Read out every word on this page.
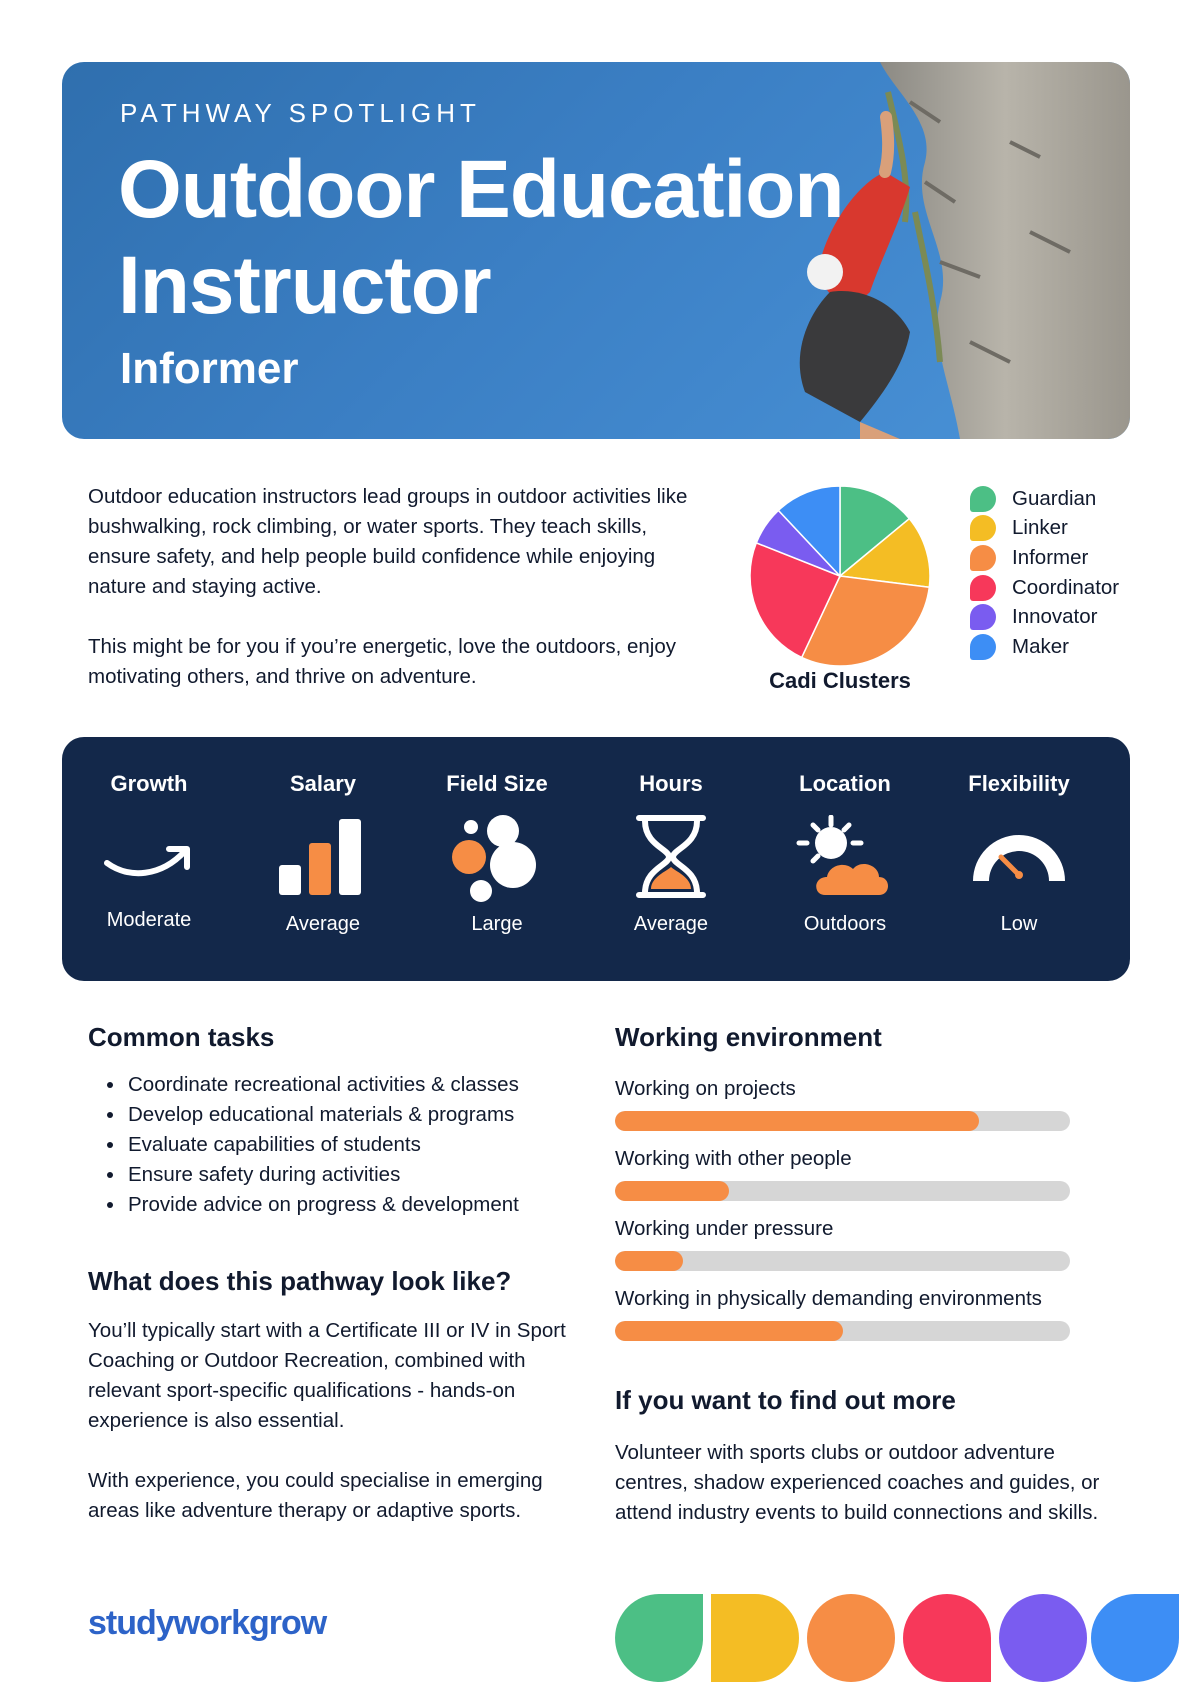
PATHWAY SPOTLIGHT
Outdoor Education Instructor
Informer

Outdoor education instructors lead groups in outdoor activities like bushwalking, rock climbing, or water sports. They teach skills, ensure safety, and help people build confidence while enjoying nature and staying active.

This might be for you if you’re energetic, love the outdoors, enjoy motivating others, and thrive on adventure.	Cadi Clusters
Guardian
Linker
Informer
Coordinator
Innovator
Maker
Growth
Moderate
Salary
Average
Field Size
Large
Hours
Average
Location
Outdoors
Flexibility
Low
Common tasks
• Coordinate recreational activities & classes
• Develop educational materials & programs
• Evaluate capabilities of students
• Ensure safety during activities
• Provide advice on progress & development
What does this pathway look like?

You’ll typically start with a Certificate III or IV in Sport Coaching or Outdoor Recreation, combined with relevant sport-specific qualifications - hands-on experience is also essential.

With experience, you could specialise in emerging areas like adventure therapy or adaptive sports.

Working environment
Working on projects
Working with other people
Working under pressure
Working in physically demanding environments
If you want to find out more
Volunteer with sports clubs or outdoor adventure centres, shadow experienced coaches and guides, or attend industry events to build connections and skills.
studyworkgrow
